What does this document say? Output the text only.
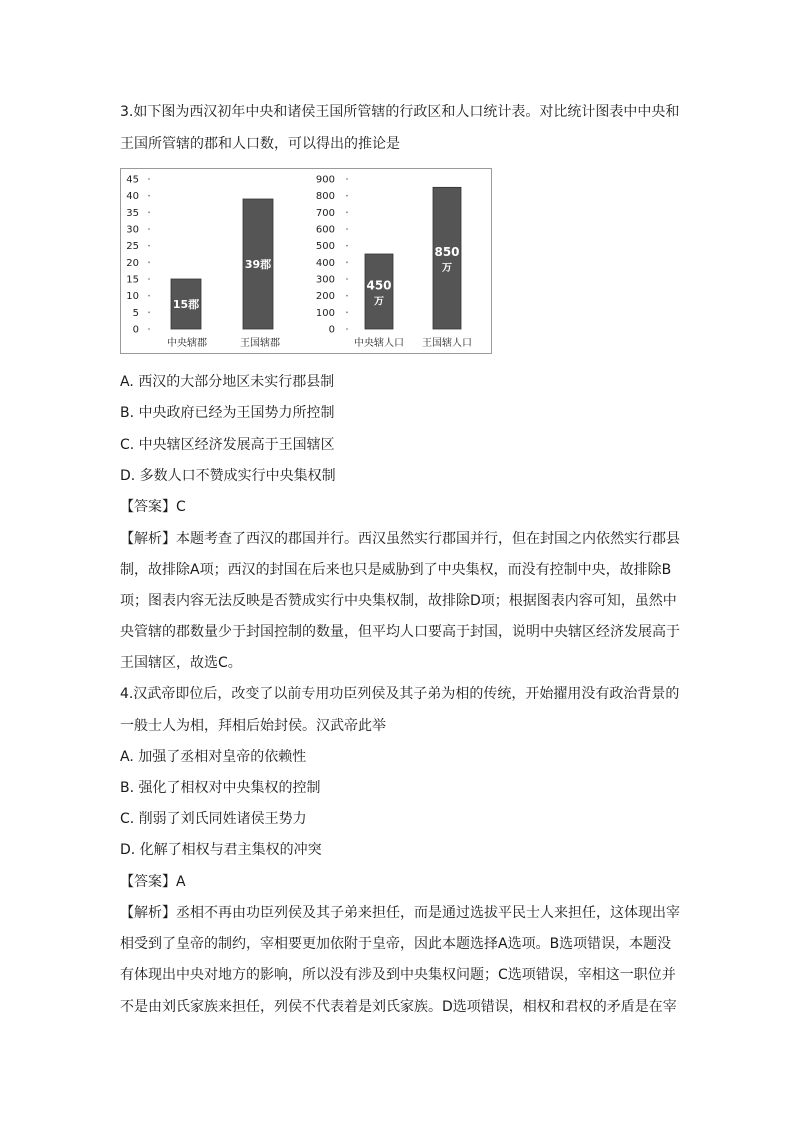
3.如下图为西汉初年中央和诸侯王国所管辖的行政区和人口统计表。对比统计图表中中央和
王国所管辖的郡和人口数，可以得出的推论是
45
40
35
30
25
20
15
10
5
0
15郡
中央辖郡
39郡
王国辖郡
900
800
700
600
500
400
300
200
100
0
450
万
中央辖人口
850
万
王国辖人口
A. 西汉的大部分地区未实行郡县制
B. 中央政府已经为王国势力所控制
C. 中央辖区经济发展高于王国辖区
D. 多数人口不赞成实行中央集权制
【答案】C
【解析】本题考查了西汉的郡国并行。西汉虽然实行郡国并行，但在封国之内依然实行郡县
制，故排除A项；西汉的封国在后来也只是威胁到了中央集权，而没有控制中央，故排除B
项；图表内容无法反映是否赞成实行中央集权制，故排除D项；根据图表内容可知，虽然中
央管辖的郡数量少于封国控制的数量，但平均人口要高于封国，说明中央辖区经济发展高于
王国辖区，故选C。
4.汉武帝即位后，改变了以前专用功臣列侯及其子弟为相的传统，开始擢用没有政治背景的
一般士人为相，拜相后始封侯。汉武帝此举
A. 加强了丞相对皇帝的依赖性
B. 强化了相权对中央集权的控制
C. 削弱了刘氏同姓诸侯王势力
D. 化解了相权与君主集权的冲突
【答案】A
【解析】丞相不再由功臣列侯及其子弟来担任，而是通过选拔平民士人来担任，这体现出宰
相受到了皇帝的制约，宰相要更加依附于皇帝，因此本题选择A选项。B选项错误，本题没
有体现出中央对地方的影响，所以没有涉及到中央集权问题；C选项错误，宰相这一职位并
不是由刘氏家族来担任，列侯不代表着是刘氏家族。D选项错误，相权和君权的矛盾是在宰
